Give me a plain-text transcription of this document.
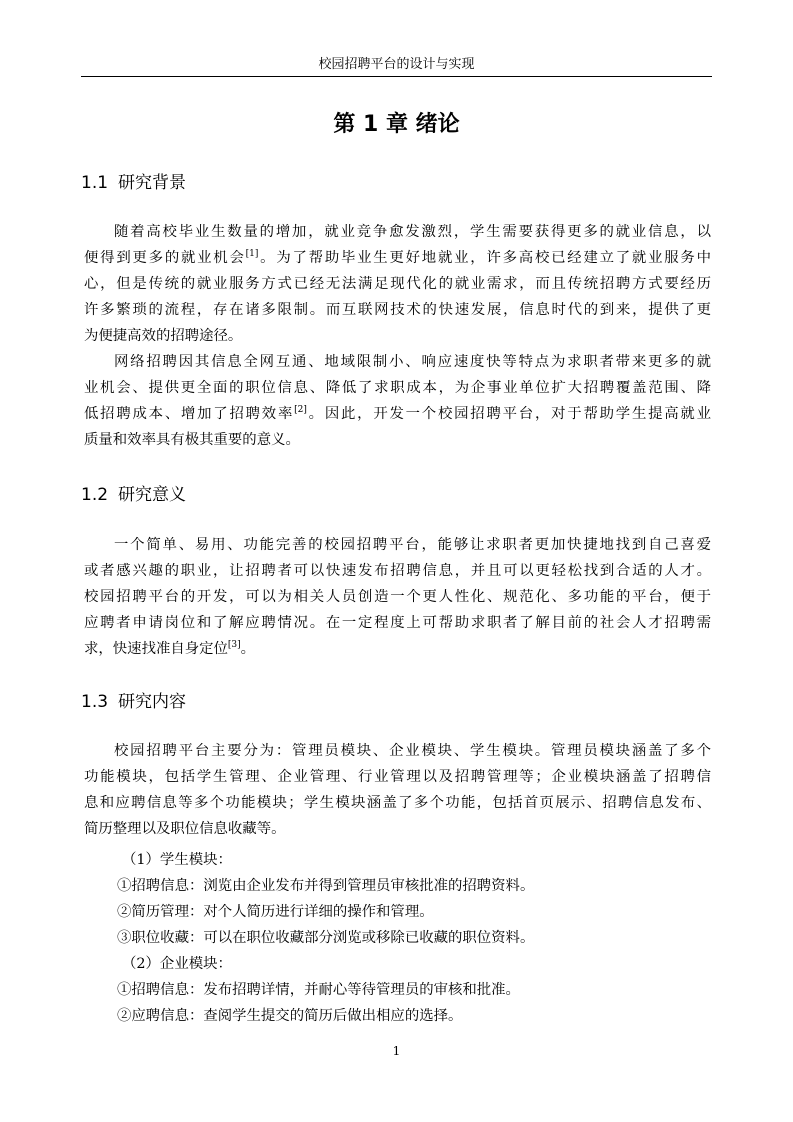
校园招聘平台的设计与实现
第 1 章 绪论
1.1 研究背景
随着高校毕业生数量的增加，就业竞争愈发激烈，学生需要获得更多的就业信息，以
便得到更多的就业机会[1]。为了帮助毕业生更好地就业，许多高校已经建立了就业服务中
心，但是传统的就业服务方式已经无法满足现代化的就业需求，而且传统招聘方式要经历
许多繁琐的流程，存在诸多限制。而互联网技术的快速发展，信息时代的到来，提供了更
为便捷高效的招聘途径。
网络招聘因其信息全网互通、地域限制小、响应速度快等特点为求职者带来更多的就
业机会、提供更全面的职位信息、降低了求职成本，为企事业单位扩大招聘覆盖范围、降
低招聘成本、增加了招聘效率[2]。因此，开发一个校园招聘平台，对于帮助学生提高就业
质量和效率具有极其重要的意义。
1.2 研究意义
一个简单、易用、功能完善的校园招聘平台，能够让求职者更加快捷地找到自己喜爱
或者感兴趣的职业，让招聘者可以快速发布招聘信息，并且可以更轻松找到合适的人才。
校园招聘平台的开发，可以为相关人员创造一个更人性化、规范化、多功能的平台，便于
应聘者申请岗位和了解应聘情况。在一定程度上可帮助求职者了解目前的社会人才招聘需
求，快速找准自身定位[3]。
1.3 研究内容
校园招聘平台主要分为：管理员模块、企业模块、学生模块。管理员模块涵盖了多个
功能模块，包括学生管理、企业管理、行业管理以及招聘管理等；企业模块涵盖了招聘信
息和应聘信息等多个功能模块；学生模块涵盖了多个功能，包括首页展示、招聘信息发布、
简历整理以及职位信息收藏等。
（1）学生模块：
①招聘信息：浏览由企业发布并得到管理员审核批准的招聘资料。
②简历管理：对个人简历进行详细的操作和管理。
③职位收藏：可以在职位收藏部分浏览或移除已收藏的职位资料。
（2）企业模块：
①招聘信息：发布招聘详情，并耐心等待管理员的审核和批准。
②应聘信息：查阅学生提交的简历后做出相应的选择。
1
